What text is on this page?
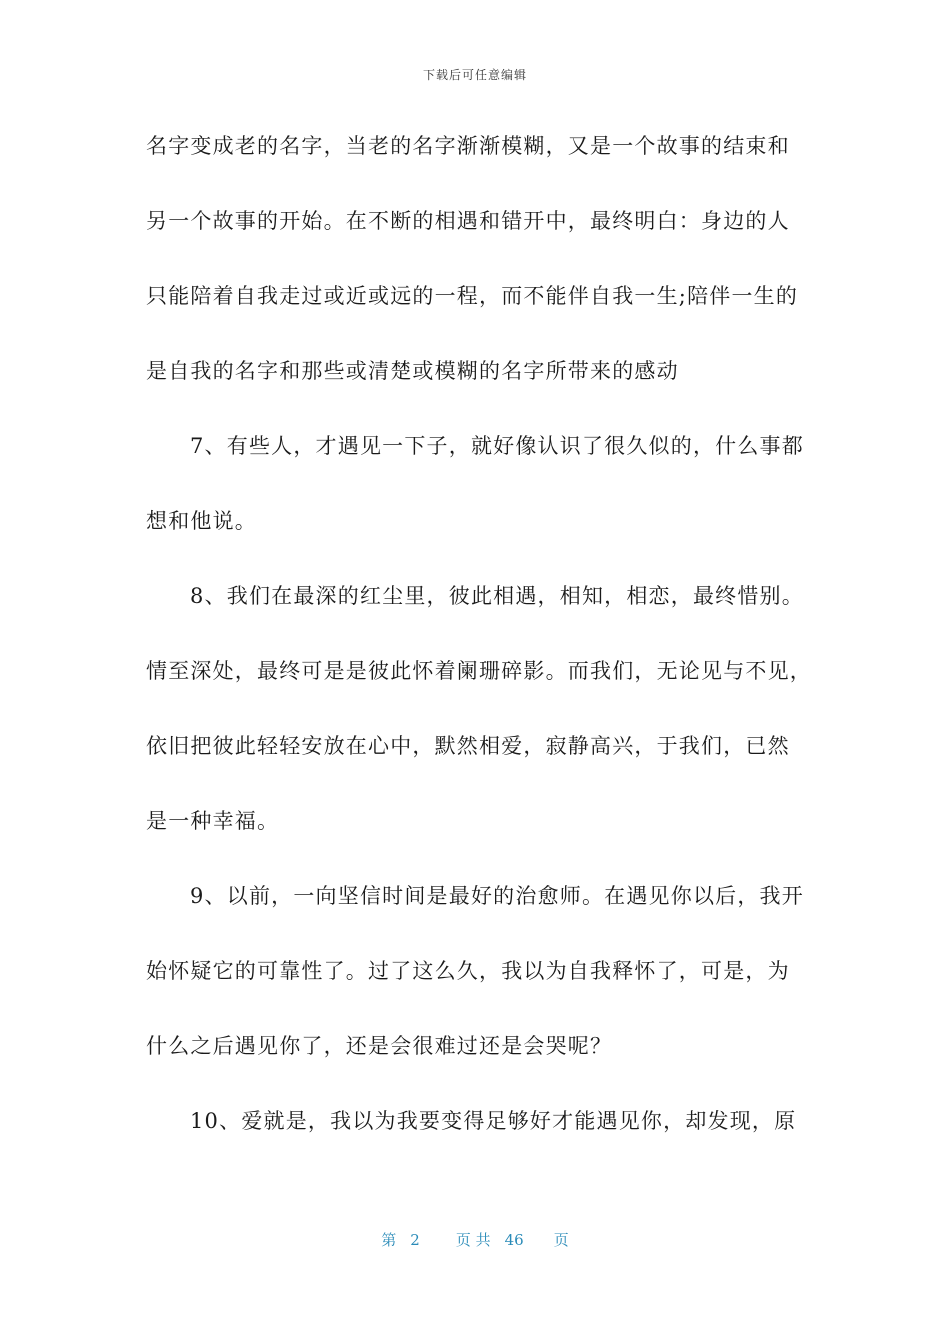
下载后可任意编辑
名字变成老的名字，当老的名字渐渐模糊，又是一个故事的结束和
另一个故事的开始。在不断的相遇和错开中，最终明白：身边的人
只能陪着自我走过或近或远的一程，而不能伴自我一生;陪伴一生的
是自我的名字和那些或清楚或模糊的名字所带来的感动
7、有些人，才遇见一下子，就好像认识了很久似的，什么事都
想和他说。
8、我们在最深的红尘里，彼此相遇，相知，相恋，最终惜别。
情至深处，最终可是是彼此怀着阑珊碎影。而我们，无论见与不见，
依旧把彼此轻轻安放在心中，默然相爱，寂静高兴，于我们，已然
是一种幸福。
9、以前，一向坚信时间是最好的治愈师。在遇见你以后，我开
始怀疑它的可靠性了。过了这么久，我以为自我释怀了，可是，为
什么之后遇见你了，还是会很难过还是会哭呢？
10、爱就是，我以为我要变得足够好才能遇见你，却发现，原
第 2 页 共 46 页
